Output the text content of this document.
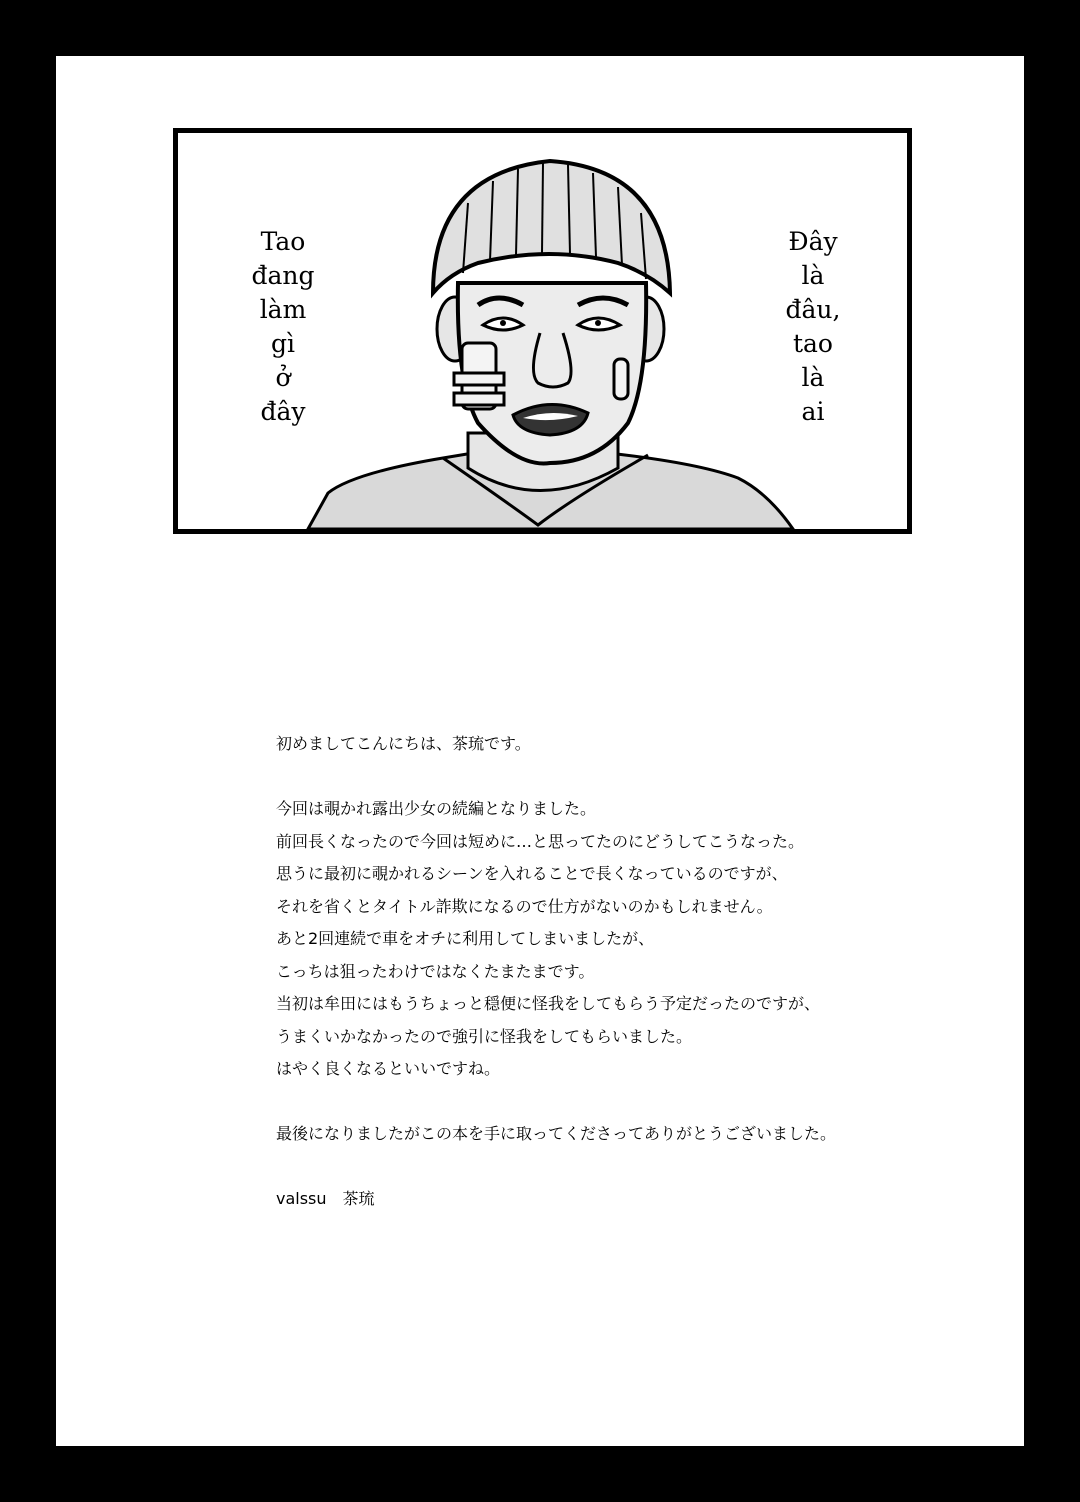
Tao
đang
làm
gì
ở
đây
Đây
là
đâu,
tao
là
ai

初めましてこんにちは、茶琉です。

今回は覗かれ露出少女の続編となりました。

前回長くなったので今回は短めに…と思ってたのにどうしてこうなった。

思うに最初に覗かれるシーンを入れることで長くなっているのですが、

それを省くとタイトル詐欺になるので仕方がないのかもしれません。

あと2回連続で車をオチに利用してしまいましたが、

こっちは狙ったわけではなくたまたまです。

当初は牟田にはもうちょっと穏便に怪我をしてもらう予定だったのですが、

うまくいかなかったので強引に怪我をしてもらいました。

はやく良くなるといいですね。

最後になりましたがこの本を手に取ってくださってありがとうございました。

valssu　茶琉

93
